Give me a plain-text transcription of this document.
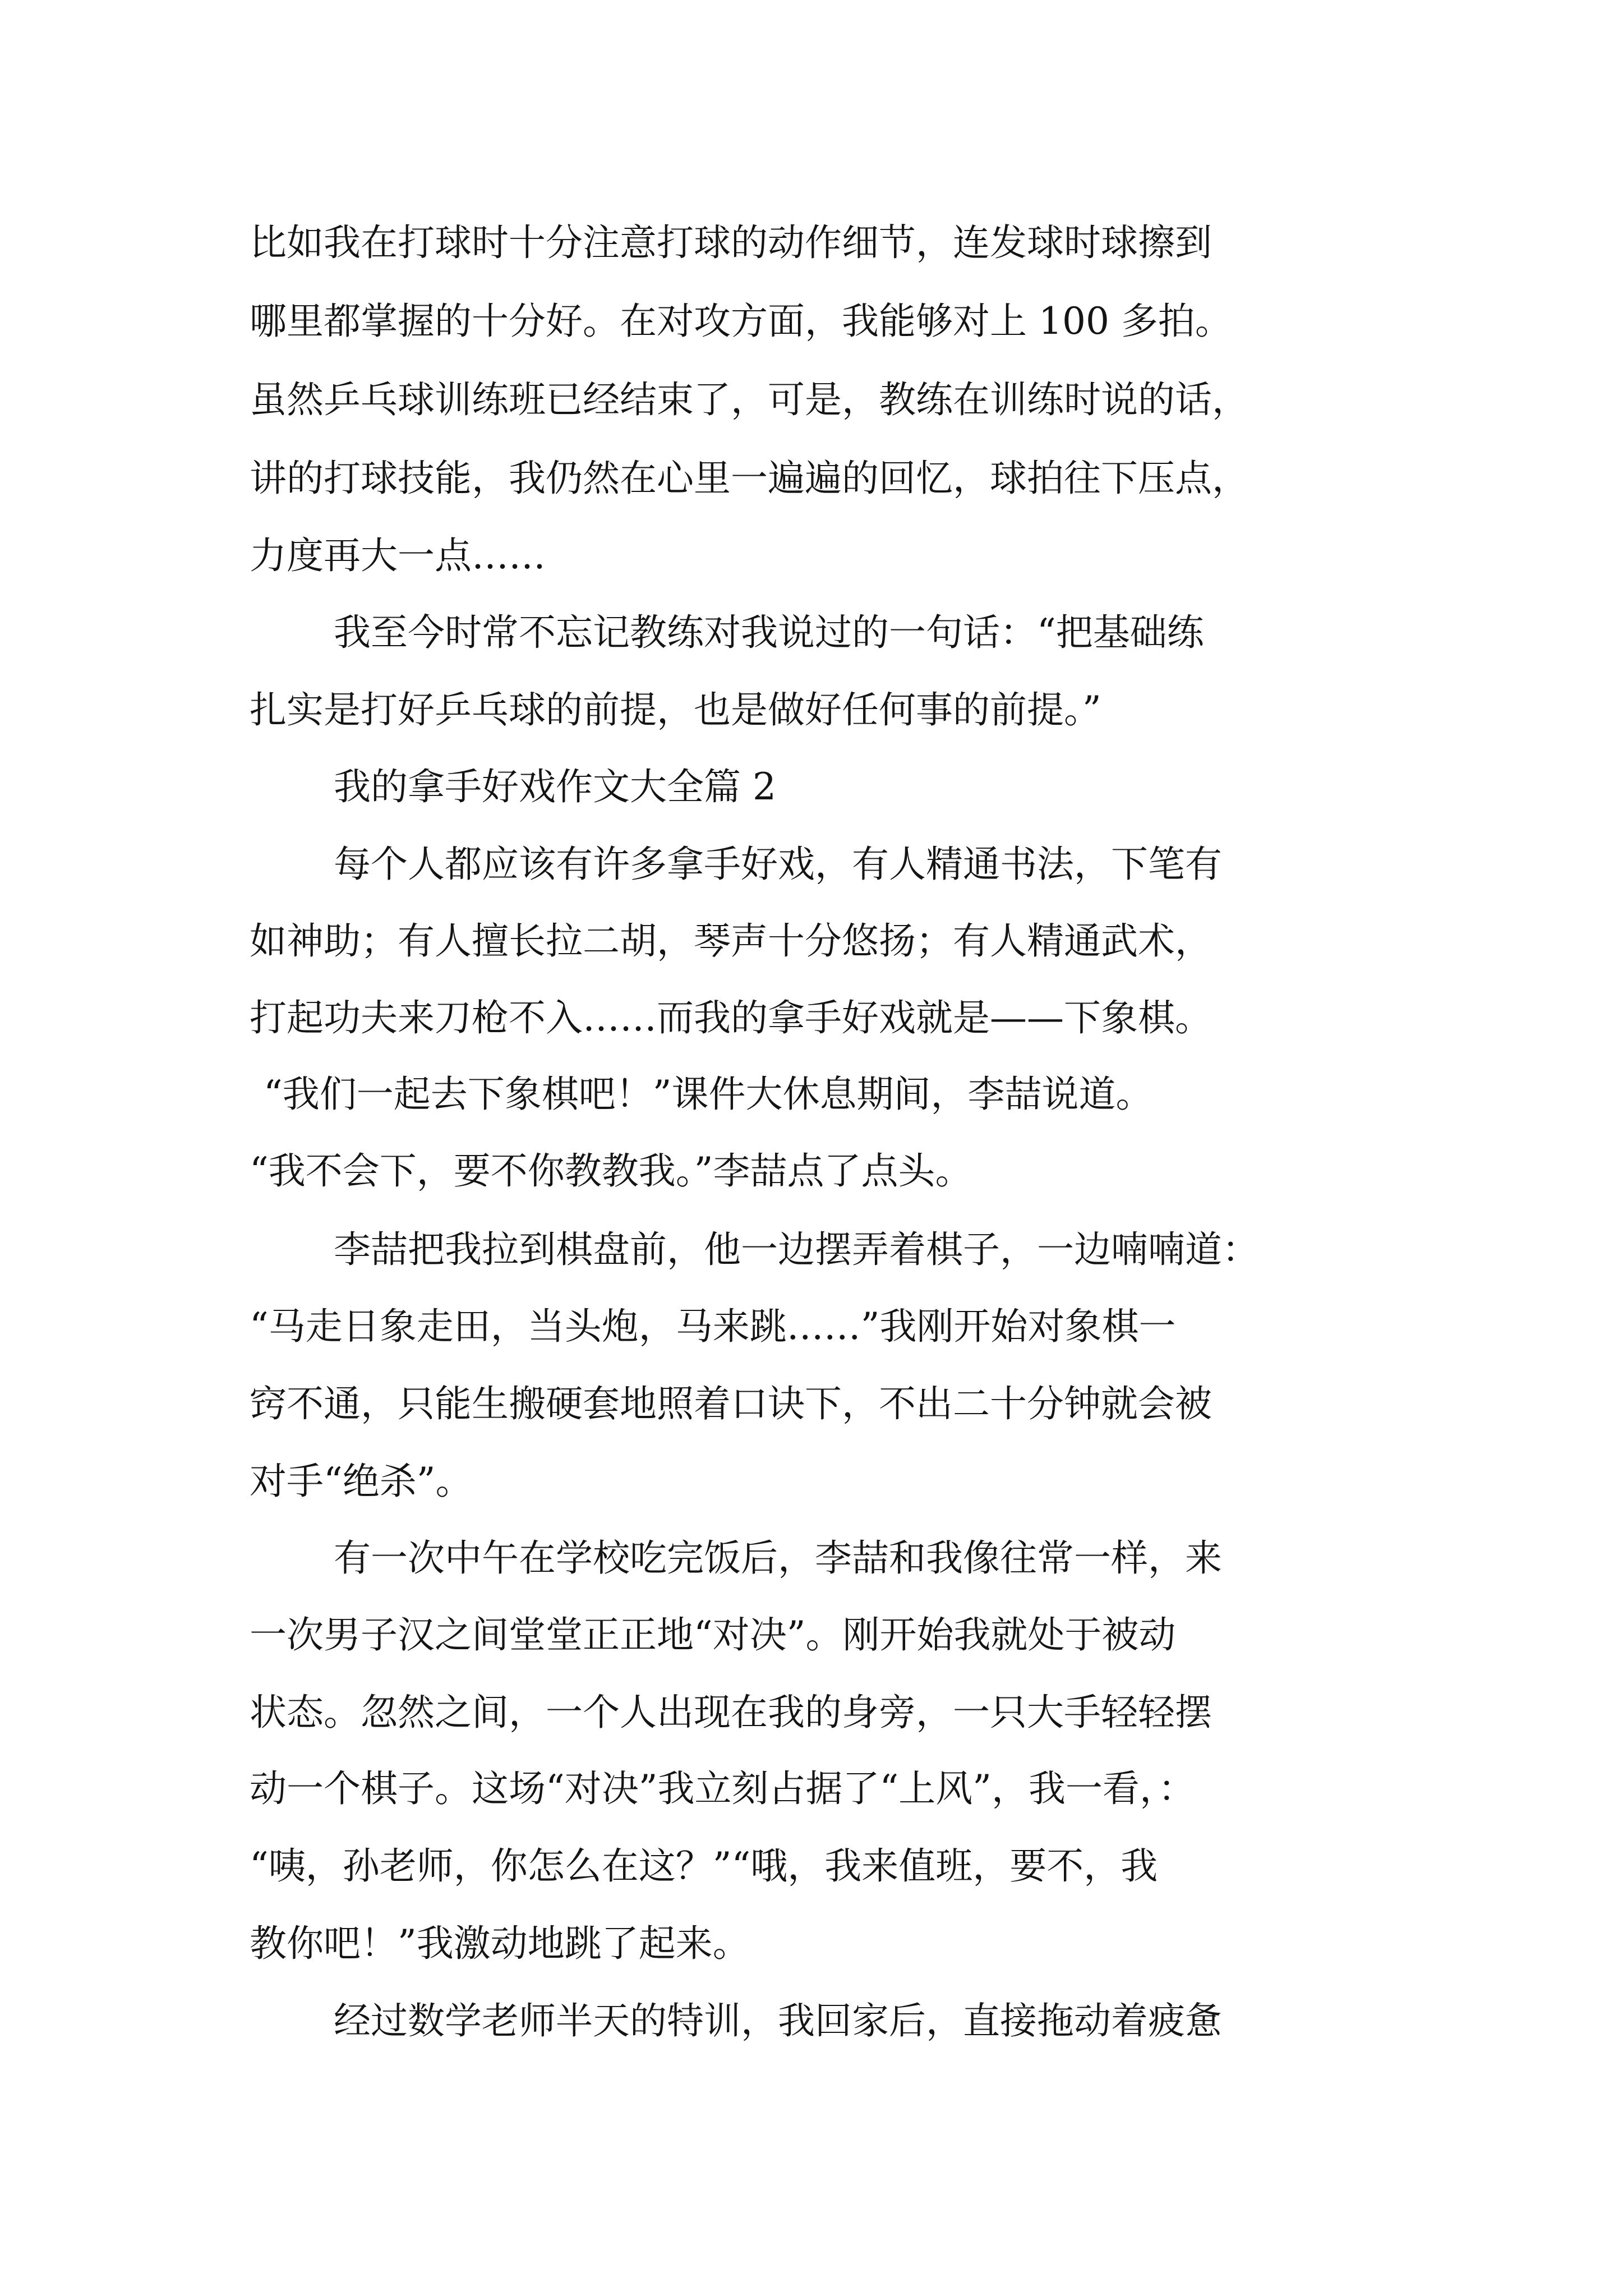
比如我在打球时十分注意打球的动作细节，连发球时球擦到
哪里都掌握的十分好。在对攻方面，我能够对上 100 多拍。
虽然乒乓球训练班已经结束了，可是，教练在训练时说的话，
讲的打球技能，我仍然在心里一遍遍的回忆，球拍往下压点，
力度再大一点……
我至今时常不忘记教练对我说过的一句话：“把基础练
扎实是打好乒乓球的前提，也是做好任何事的前提。”
我的拿手好戏作文大全篇 2
每个人都应该有许多拿手好戏，有人精通书法，下笔有
如神助；有人擅长拉二胡，琴声十分悠扬；有人精通武术，
打起功夫来刀枪不入……而我的拿手好戏就是——下象棋。
“我们一起去下象棋吧！”课件大休息期间，李喆说道。
“我不会下，要不你教教我。”李喆点了点头。
李喆把我拉到棋盘前，他一边摆弄着棋子，一边喃喃道：
“马走日象走田，当头炮，马来跳……”我刚开始对象棋一
窍不通，只能生搬硬套地照着口诀下，不出二十分钟就会被
对手“绝杀”。
有一次中午在学校吃完饭后，李喆和我像往常一样，来
一次男子汉之间堂堂正正地“对决”。刚开始我就处于被动
状态。忽然之间，一个人出现在我的身旁，一只大手轻轻摆
动一个棋子。这场“对决”我立刻占据了“上风”，我一看，：
“咦，孙老师，你怎么在这？”“哦，我来值班，要不，我
教你吧！”我激动地跳了起来。
经过数学老师半天的特训，我回家后，直接拖动着疲惫
